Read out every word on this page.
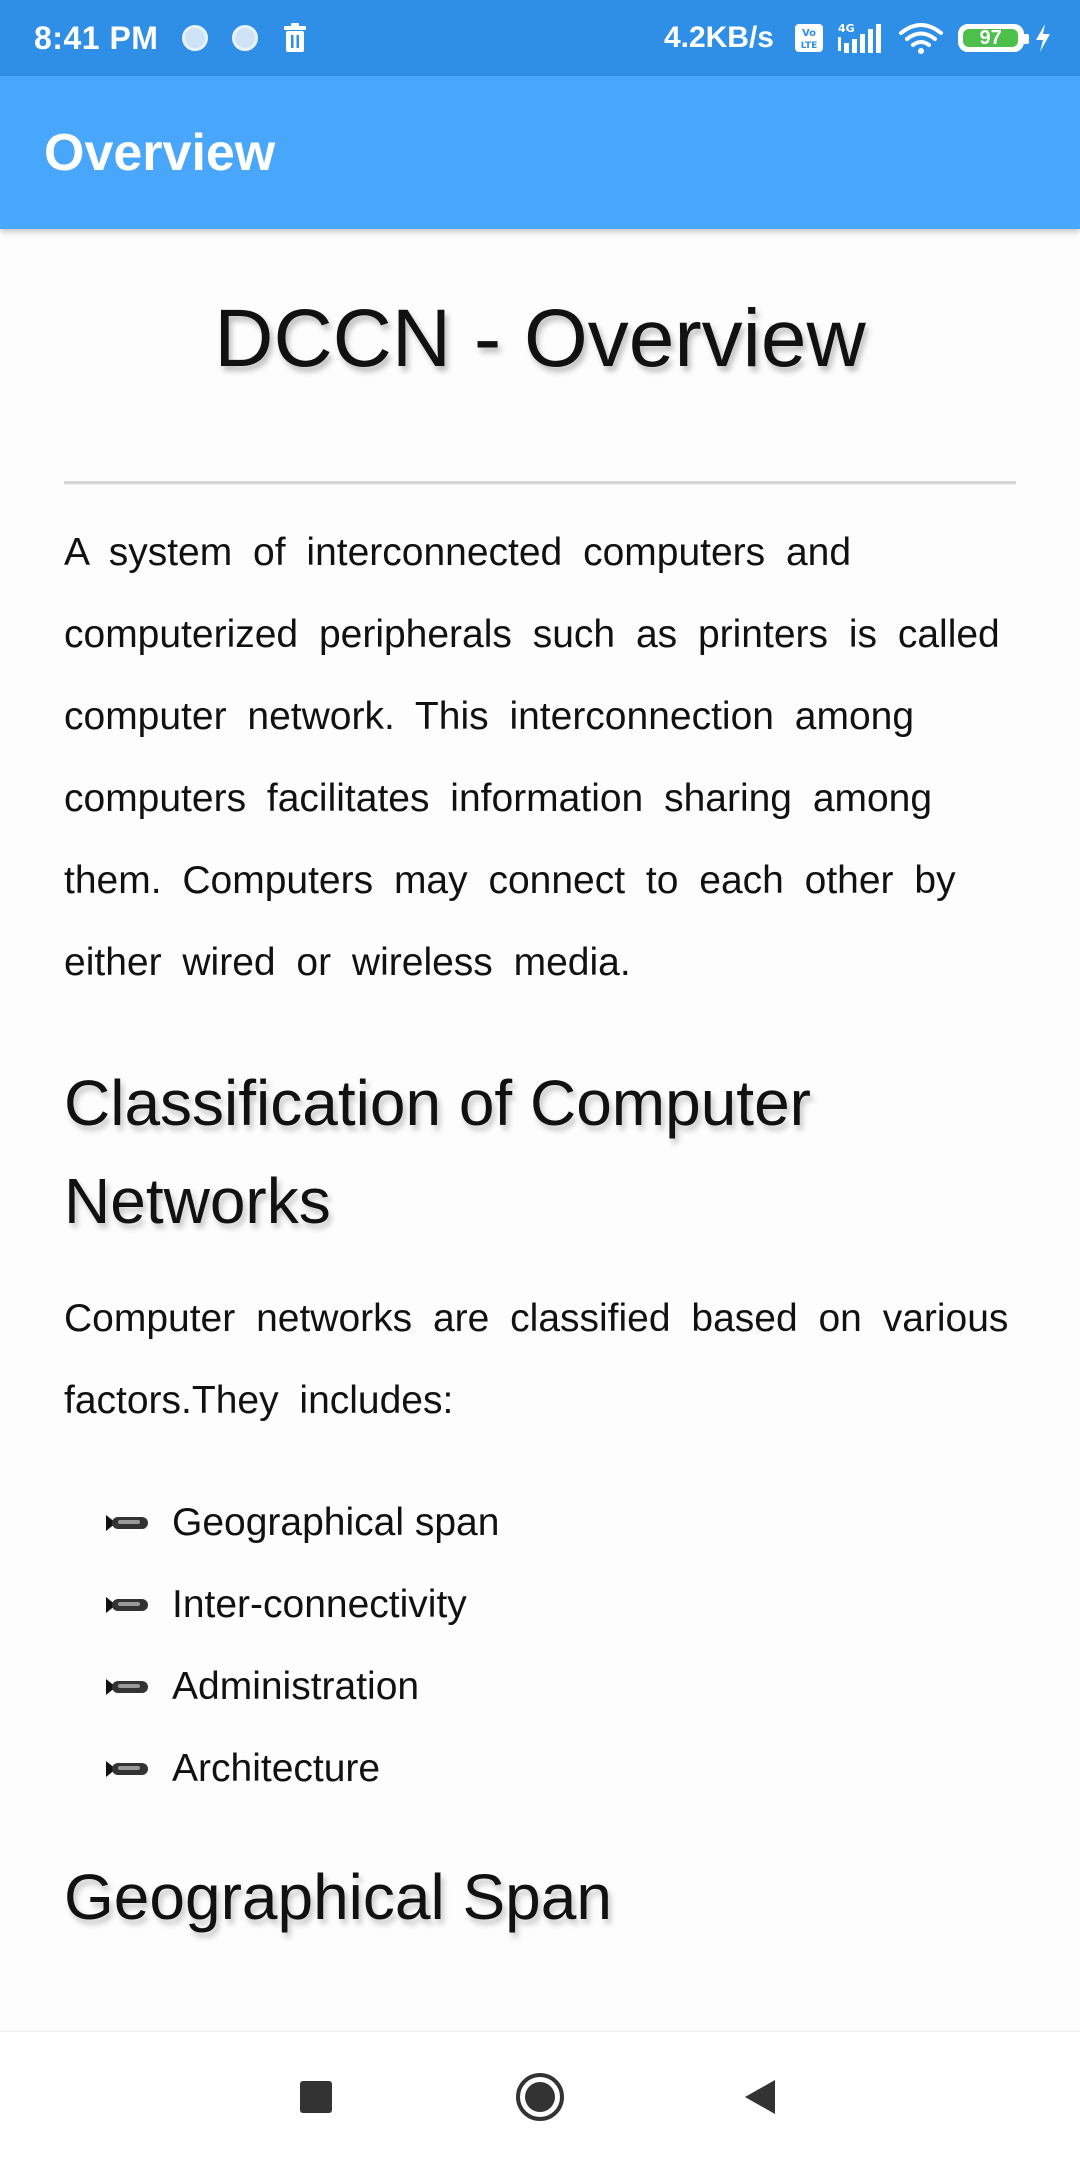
8:41 PM	4.2KB/s	Vo
LTE
4G	97
Overview
DCCN - Overview

A system of interconnected computers and computerized peripherals such as printers is called computer network. This interconnection among computers facilitates information sharing among them. Computers may connect to each other by either wired or wireless media.

Classification of Computer Networks

Computer networks are classified based on various factors.They includes:

Geographical span
Inter-connectivity
Administration
Architecture
Geographical Span
